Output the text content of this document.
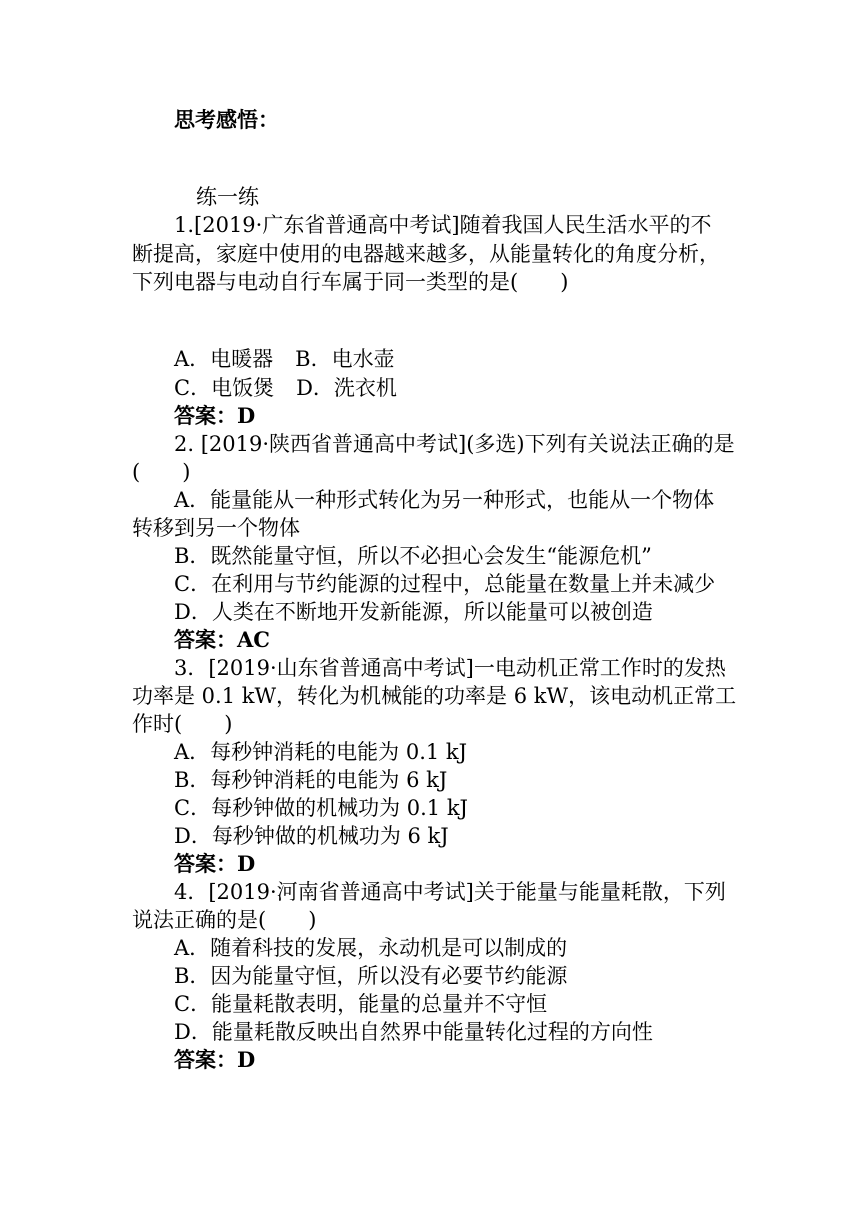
思考感悟：
练一练
1.[2019·广东省普通高中考试]随着我国人民生活水平的不
断提高，家庭中使用的电器越来越多，从能量转化的角度分析，
下列电器与电动自行车属于同一类型的是(　　)
A．电暖器 B．电水壶
C．电饭煲 D．洗衣机
答案：D
2. [2019·陕西省普通高中考试](多选)下列有关说法正确的是
(　　)
A．能量能从一种形式转化为另一种形式，也能从一个物体
转移到另一个物体
B．既然能量守恒，所以不必担心会发生“能源危机”
C．在利用与节约能源的过程中，总能量在数量上并未减少
D．人类在不断地开发新能源，所以能量可以被创造
答案：AC
3．[2019·山东省普通高中考试]一电动机正常工作时的发热
功率是 0.1 kW，转化为机械能的功率是 6 kW，该电动机正常工
作时(　　)
A．每秒钟消耗的电能为 0.1 kJ
B．每秒钟消耗的电能为 6 kJ
C．每秒钟做的机械功为 0.1 kJ
D．每秒钟做的机械功为 6 kJ
答案：D
4．[2019·河南省普通高中考试]关于能量与能量耗散，下列
说法正确的是(　　)
A．随着科技的发展，永动机是可以制成的
B．因为能量守恒，所以没有必要节约能源
C．能量耗散表明，能量的总量并不守恒
D．能量耗散反映出自然界中能量转化过程的方向性
答案：D
